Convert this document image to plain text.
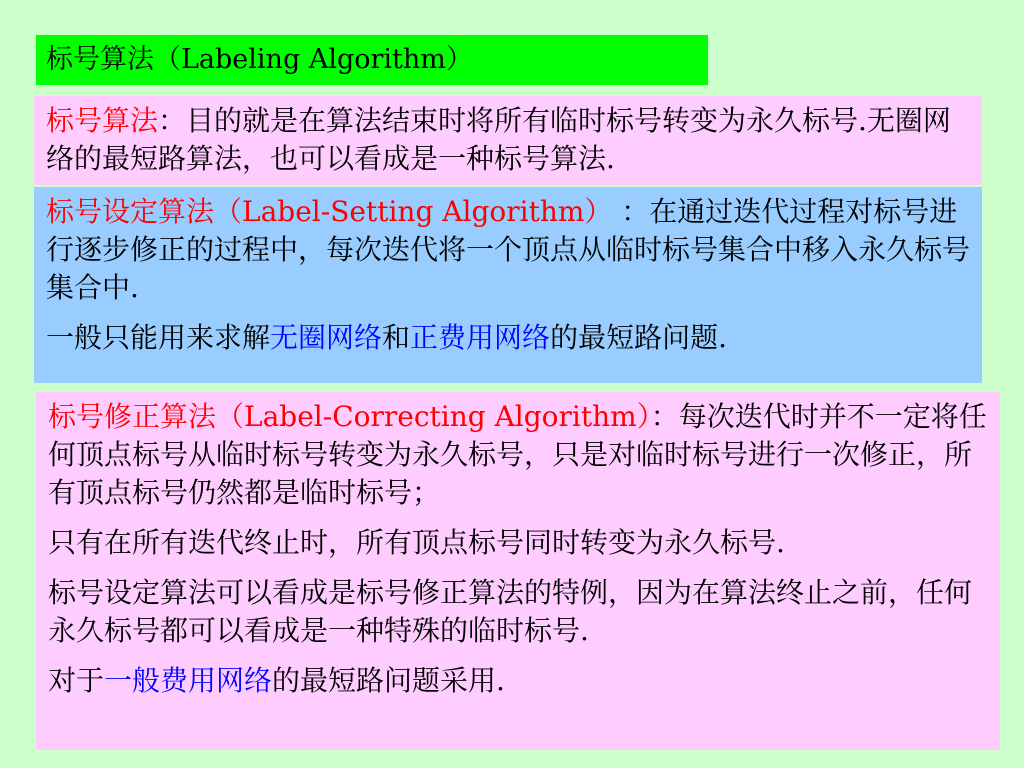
标号算法（Labeling Algorithm）

标号算法：目的就是在算法结束时将所有临时标号转变为永久标号.无圈网络的最短路算法，也可以看成是一种标号算法.

标号设定算法（Label-Setting Algorithm） ：在通过迭代过程对标号进行逐步修正的过程中，每次迭代将一个顶点从临时标号集合中移入永久标号集合中.

一般只能用来求解无圈网络和正费用网络的最短路问题.

标号修正算法（Label-Correcting Algorithm）：每次迭代时并不一定将任何顶点标号从临时标号转变为永久标号，只是对临时标号进行一次修正，所有顶点标号仍然都是临时标号；

只有在所有迭代终止时，所有顶点标号同时转变为永久标号.

标号设定算法可以看成是标号修正算法的特例，因为在算法终止之前，任何永久标号都可以看成是一种特殊的临时标号.

对于一般费用网络的最短路问题采用.
